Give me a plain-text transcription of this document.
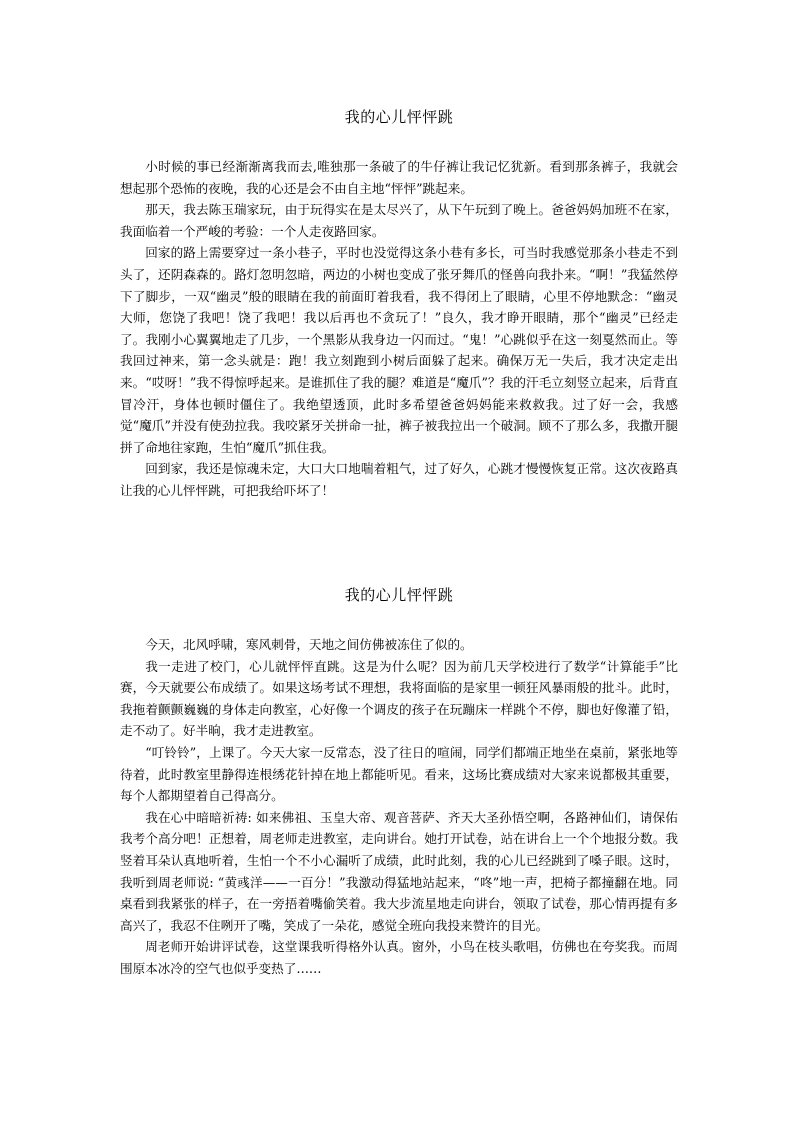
我的心儿怦怦跳

小时候的事已经渐渐离我而去,唯独那一条破了的牛仔裤让我记忆犹新。看到那条裤子，我就会想起那个恐怖的夜晚，我的心还是会不由自主地“怦怦”跳起来。

那天，我去陈玉瑞家玩，由于玩得实在是太尽兴了，从下午玩到了晚上。爸爸妈妈加班不在家，我面临着一个严峻的考验：一个人走夜路回家。

回家的路上需要穿过一条小巷子，平时也没觉得这条小巷有多长，可当时我感觉那条小巷走不到头了，还阴森森的。路灯忽明忽暗，两边的小树也变成了张牙舞爪的怪兽向我扑来。“啊！”我猛然停下了脚步，一双“幽灵”般的眼睛在我的前面盯着我看，我不得闭上了眼睛，心里不停地默念：“幽灵大师，您饶了我吧！饶了我吧！我以后再也不贪玩了！”良久，我才睁开眼睛，那个“幽灵”已经走了。我刚小心翼翼地走了几步，一个黑影从我身边一闪而过。“鬼！”心跳似乎在这一刻戛然而止。等我回过神来，第一念头就是：跑！我立刻跑到小树后面躲了起来。确保万无一失后，我才决定走出来。“哎呀！”我不得惊呼起来。是谁抓住了我的腿？难道是“魔爪”？我的汗毛立刻竖立起来，后背直冒冷汗，身体也顿时僵住了。我绝望透顶，此时多希望爸爸妈妈能来救救我。过了好一会，我感觉“魔爪”并没有使劲拉我。我咬紧牙关拼命一扯，裤子被我拉出一个破洞。顾不了那么多，我撒开腿拼了命地往家跑，生怕“魔爪”抓住我。

回到家，我还是惊魂未定，大口大口地喘着粗气，过了好久，心跳才慢慢恢复正常。这次夜路真让我的心儿怦怦跳，可把我给吓坏了！

我的心儿怦怦跳

今天，北风呼啸，寒风刺骨，天地之间仿佛被冻住了似的。

我一走进了校门，心儿就怦怦直跳。这是为什么呢？因为前几天学校进行了数学“计算能手”比赛，今天就要公布成绩了。如果这场考试不理想，我将面临的是家里一顿狂风暴雨般的批斗。此时，我拖着颤颤巍巍的身体走向教室，心好像一个调皮的孩子在玩蹦床一样跳个不停，脚也好像灌了铅，走不动了。好半晌，我才走进教室。

“叮铃铃”，上课了。今天大家一反常态，没了往日的喧闹，同学们都端正地坐在桌前，紧张地等待着，此时教室里静得连根绣花针掉在地上都能听见。看来，这场比赛成绩对大家来说都极其重要，每个人都期望着自己得高分。

我在心中暗暗祈祷: 如来佛祖、玉皇大帝、观音菩萨、齐天大圣孙悟空啊，各路神仙们，请保佑我考个高分吧！正想着，周老师走进教室，走向讲台。她打开试卷，站在讲台上一个个地报分数。我竖着耳朵认真地听着，生怕一个不小心漏听了成绩，此时此刻，我的心儿已经跳到了嗓子眼。这时，我听到周老师说: “黄彧洋——一百分！”我激动得猛地站起来，“咚”地一声，把椅子都撞翻在地。同桌看到我紧张的样子，在一旁捂着嘴偷笑着。我大步流星地走向讲台，领取了试卷，那心情再提有多高兴了，我忍不住咧开了嘴，笑成了一朵花，感觉全班向我投来赞许的目光。

周老师开始讲评试卷，这堂课我听得格外认真。窗外，小鸟在枝头歌唱，仿佛也在夸奖我。而周围原本冰冷的空气也似乎变热了……
